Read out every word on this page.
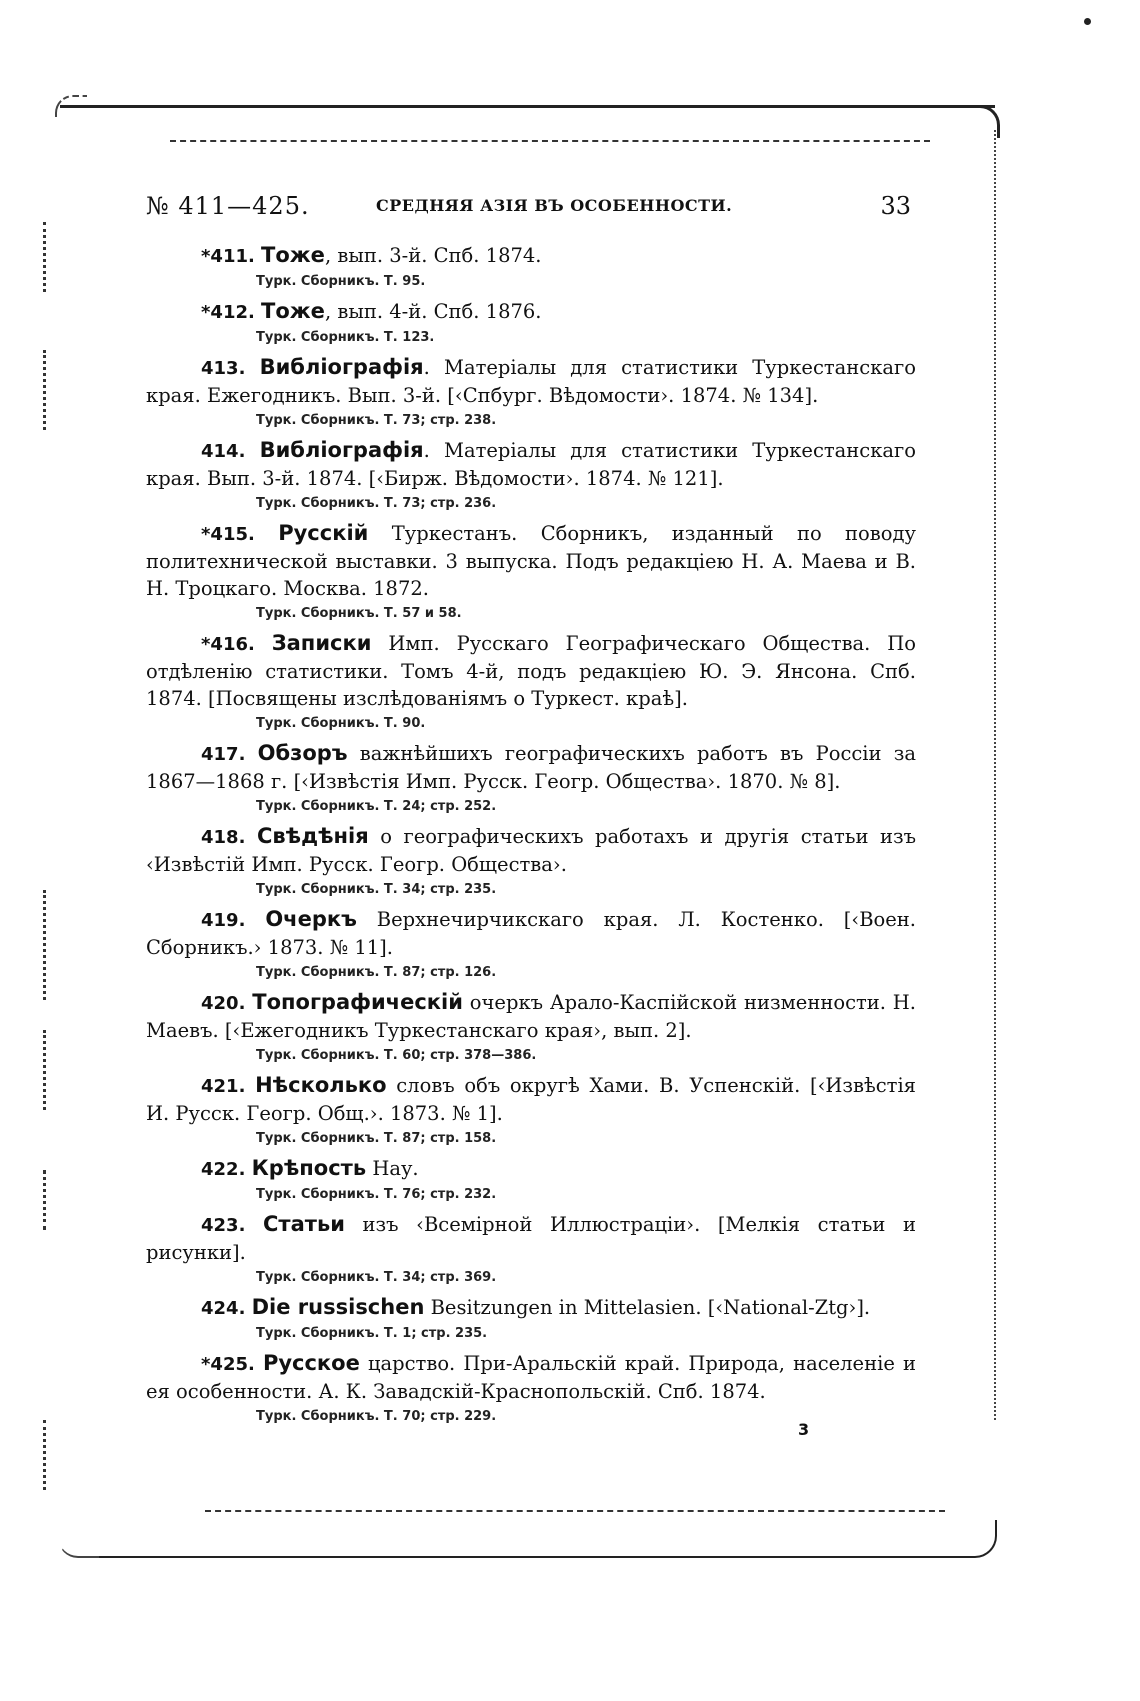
№ 411—425.	СРЕДНЯЯ АЗІЯ ВЪ ОСОБЕННОСТИ.	33
*411. Тоже, вып. 3-й. Спб. 1874.
Турк. Сборникъ. Т. 95.
*412. Тоже, вып. 4-й. Спб. 1876.
Турк. Сборникъ. Т. 123.
413. Вибліографія. Матеріалы для статистики Туркестанскаго края. Ежегодникъ. Вып. 3-й. [‹Спбург. Вѣдомости›. 1874. № 134].
Турк. Сборникъ. Т. 73; стр. 238.
414. Вибліографія. Матеріалы для статистики Туркестанскаго края. Вып. 3-й. 1874. [‹Бирж. Вѣдомости›. 1874. № 121].
Турк. Сборникъ. Т. 73; стр. 236.
*415. Русскій Туркестанъ. Сборникъ, изданный по поводу политехнической выставки. 3 выпуска. Подъ редакціею Н. А. Маева и В. Н. Троцкаго. Москва. 1872.
Турк. Сборникъ. Т. 57 и 58.
*416. Записки Имп. Русскаго Географическаго Общества. По отдѣленію статистики. Томъ 4-й, подъ редакціею Ю. Э. Янсона. Спб. 1874. [Посвящены изслѣдованіямъ о Туркест. краѣ].
Турк. Сборникъ. Т. 90.
417. Обзоръ важнѣйшихъ географическихъ работъ въ Россіи за 1867—1868 г. [‹Извѣстія Имп. Русск. Геогр. Общества›. 1870. № 8].
Турк. Сборникъ. Т. 24; стр. 252.
418. Свѣдѣнія о географическихъ работахъ и другія статьи изъ ‹Извѣстій Имп. Русск. Геогр. Общества›.
Турк. Сборникъ. Т. 34; стр. 235.
419. Очеркъ Верхнечирчикскаго края. Л. Костенко. [‹Воен. Сборникъ.› 1873. № 11].
Турк. Сборникъ. Т. 87; стр. 126.
420. Топографическій очеркъ Арало-Каспійской низменности. Н. Маевъ. [‹Ежегодникъ Туркестанскаго края›, вып. 2].
Турк. Сборникъ. Т. 60; стр. 378—386.
421. Нѣсколько словъ объ округѣ Хами. В. Успенскій. [‹Извѣстія И. Русск. Геогр. Общ.›. 1873. № 1].
Турк. Сборникъ. Т. 87; стр. 158.
422. Крѣпость Нау.
Турк. Сборникъ. Т. 76; стр. 232.
423. Статьи изъ ‹Всемірной Иллюстраціи›. [Мелкія статьи и рисунки].
Турк. Сборникъ. Т. 34; стр. 369.
424. Die russischen Besitzungen in Mittelasien. [‹National-Ztg›].
Турк. Сборникъ. Т. 1; стр. 235.
*425. Русское царство. При-Аральскій край. Природа, населеніе и ея особенности. А. К. Завадскій-Краснопольскій. Спб. 1874.
Турк. Сборникъ. Т. 70; стр. 229.
3
